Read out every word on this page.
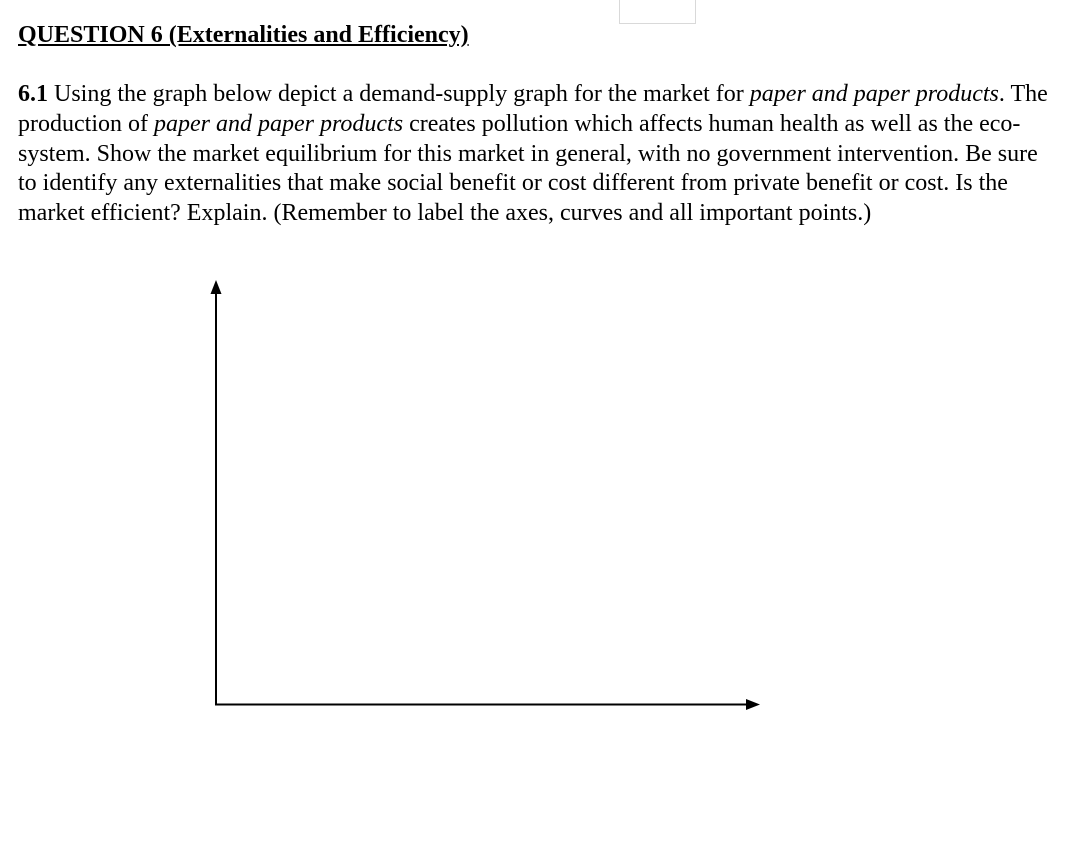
QUESTION 6 (Externalities and Efficiency)

6.1 Using the graph below depict a demand-supply graph for the market for paper and paper products. The production of paper and paper products creates pollution which affects human health as well as the eco-system. Show the market equilibrium for this market in general, with no government intervention. Be sure to identify any externalities that make social benefit or cost different from private benefit or cost. Is the market efficient? Explain. (Remember to label the axes, curves and all important points.)
